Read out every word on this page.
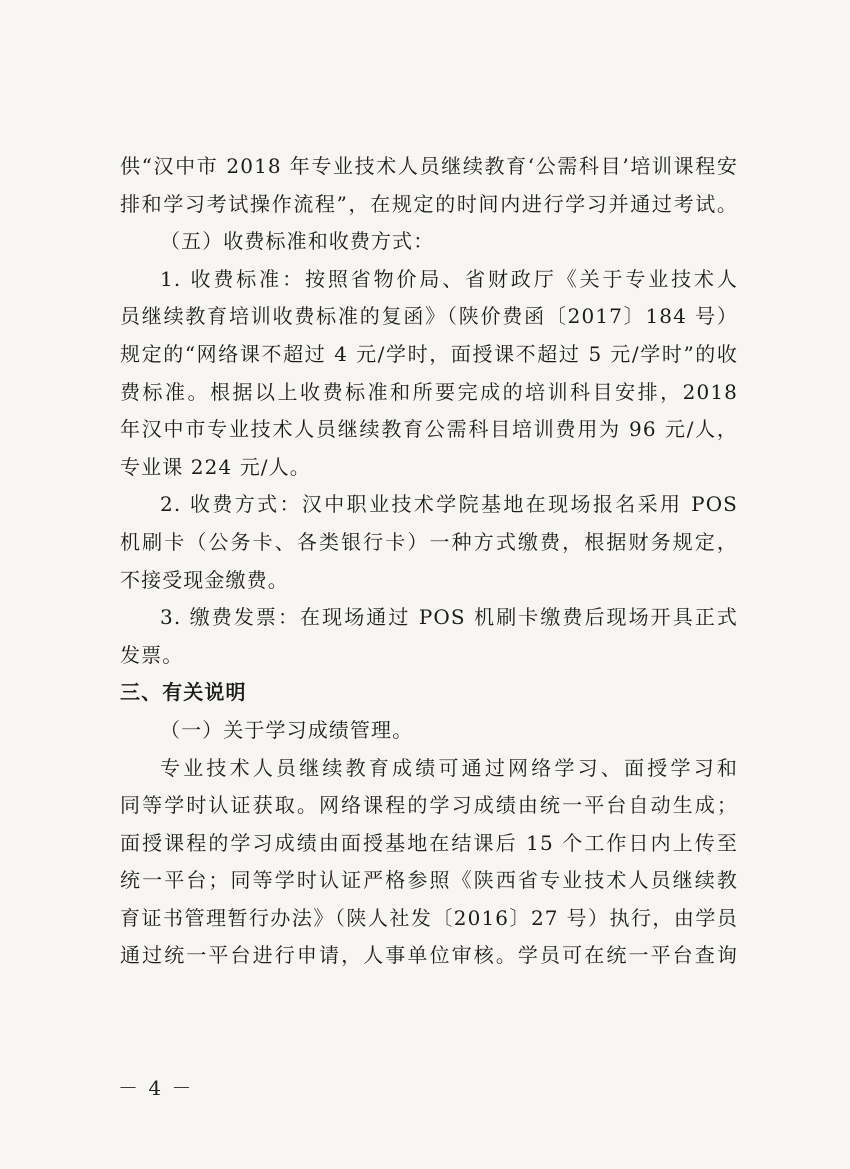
供“汉中市 2018 年专业技术人员继续教育‘公需科目’培训课程安
排和学习考试操作流程”，在规定的时间内进行学习并通过考试。
（五）收费标准和收费方式：
1. 收费标准：按照省物价局、省财政厅《关于专业技术人
员继续教育培训收费标准的复函》（陕价费函〔2017〕184 号）
规定的“网络课不超过 4 元/学时，面授课不超过 5 元/学时”的收
费标准。根据以上收费标准和所要完成的培训科目安排，2018
年汉中市专业技术人员继续教育公需科目培训费用为 96 元/人，
专业课 224 元/人。
2. 收费方式：汉中职业技术学院基地在现场报名采用 POS
机刷卡（公务卡、各类银行卡）一种方式缴费，根据财务规定，
不接受现金缴费。
3. 缴费发票：在现场通过 POS 机刷卡缴费后现场开具正式
发票。
三、有关说明
（一）关于学习成绩管理。
专业技术人员继续教育成绩可通过网络学习、面授学习和
同等学时认证获取。网络课程的学习成绩由统一平台自动生成；
面授课程的学习成绩由面授基地在结课后 15 个工作日内上传至
统一平台；同等学时认证严格参照《陕西省专业技术人员继续教
育证书管理暂行办法》（陕人社发〔2016〕27 号）执行，由学员
通过统一平台进行申请，人事单位审核。学员可在统一平台查询
－ 4 －
